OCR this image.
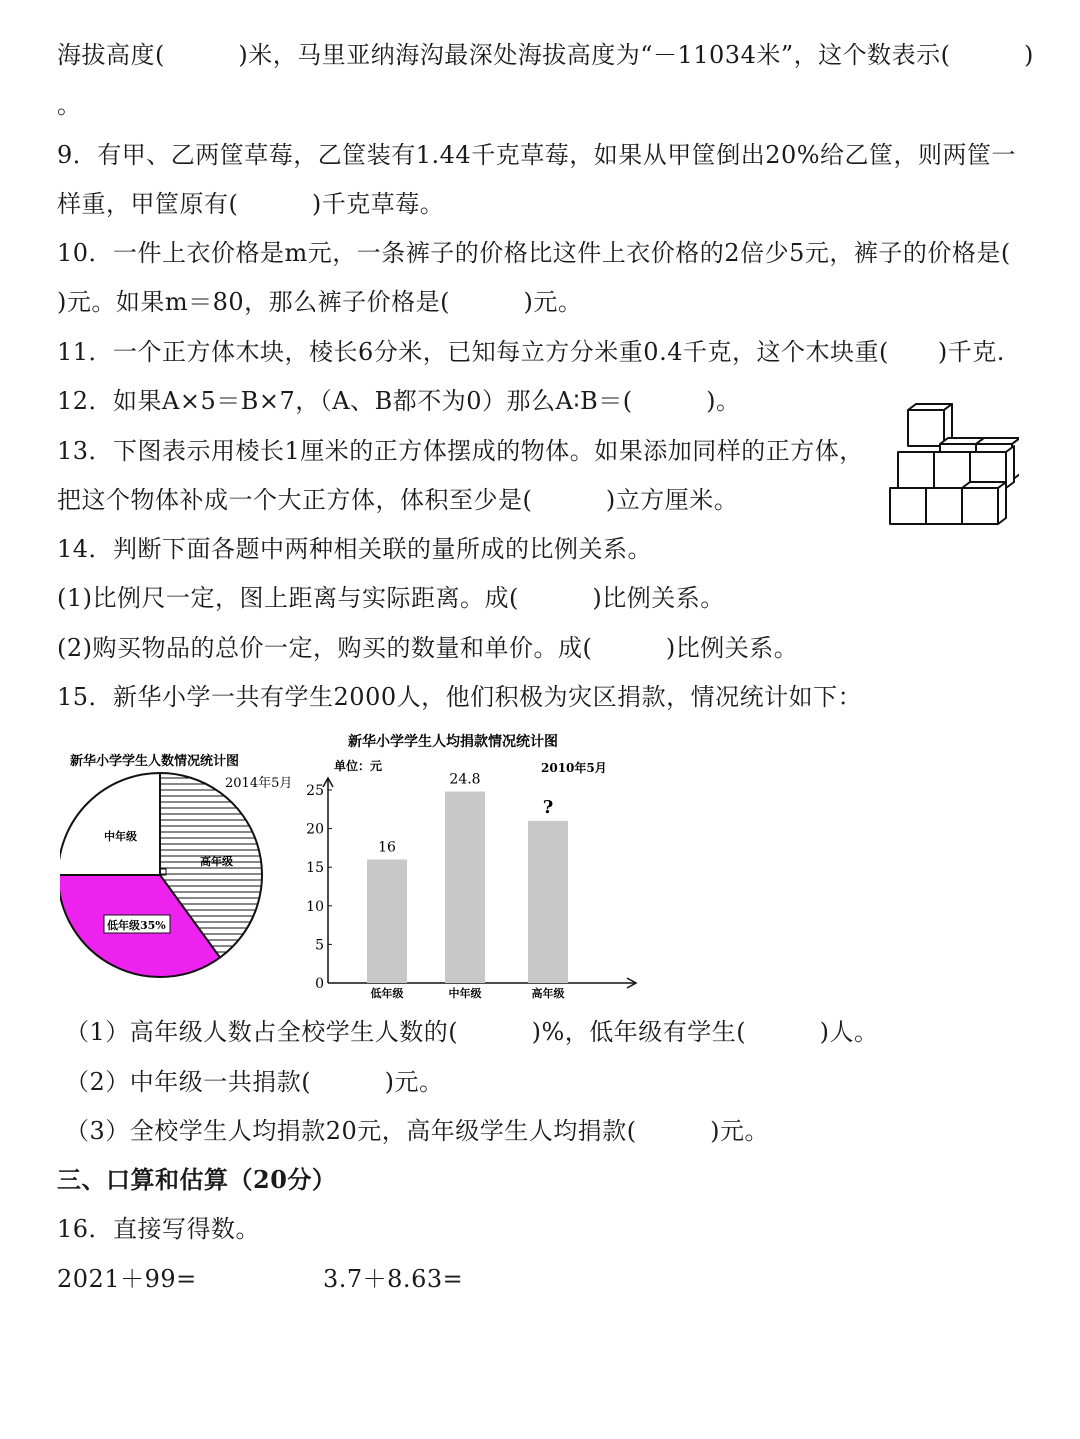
海拔高度(　　　)米，马里亚纳海沟最深处海拔高度为“－11034米”，这个数表示(　　　)
。
9．有甲、乙两筐草莓，乙筐装有1.44千克草莓，如果从甲筐倒出20%给乙筐，则两筐一
样重，甲筐原有(　　　)千克草莓。
10．一件上衣价格是m元，一条裤子的价格比这件上衣价格的2倍少5元，裤子的价格是(
)元。如果m＝80，那么裤子价格是(　　　)元。
11．一个正方体木块，棱长6分米，已知每立方分米重0.4千克，这个木块重(　　)千克.
12．如果A×5＝B×7，（A、B都不为0）那么A∶B＝(　　　)。
13．下图表示用棱长1厘米的正方体摆成的物体。如果添加同样的正方体，
把这个物体补成一个大正方体，体积至少是(　　　)立方厘米。
14．判断下面各题中两种相关联的量所成的比例关系。
(1)比例尺一定，图上距离与实际距离。成(　　　)比例关系。
(2)购买物品的总价一定，购买的数量和单价。成(　　　)比例关系。
15．新华小学一共有学生2000人，他们积极为灾区捐款，情况统计如下：
新华小学学生人数情况统计图
2014年5月
中年级
高年级
低年级35%
新华小学学生人均捐款情况统计图
单位：元	2010年5月
0
5
10
15
20
25
16
低年级
24.8
中年级
?
高年级
（1）高年级人数占全校学生人数的(　　　)%，低年级有学生(　　　)人。
（2）中年级一共捐款(　　　)元。
（3）全校学生人均捐款20元，高年级学生人均捐款(　　　)元。
三、口算和估算（20分）
16．直接写得数。
2021＋99=	3.7＋8.63=
